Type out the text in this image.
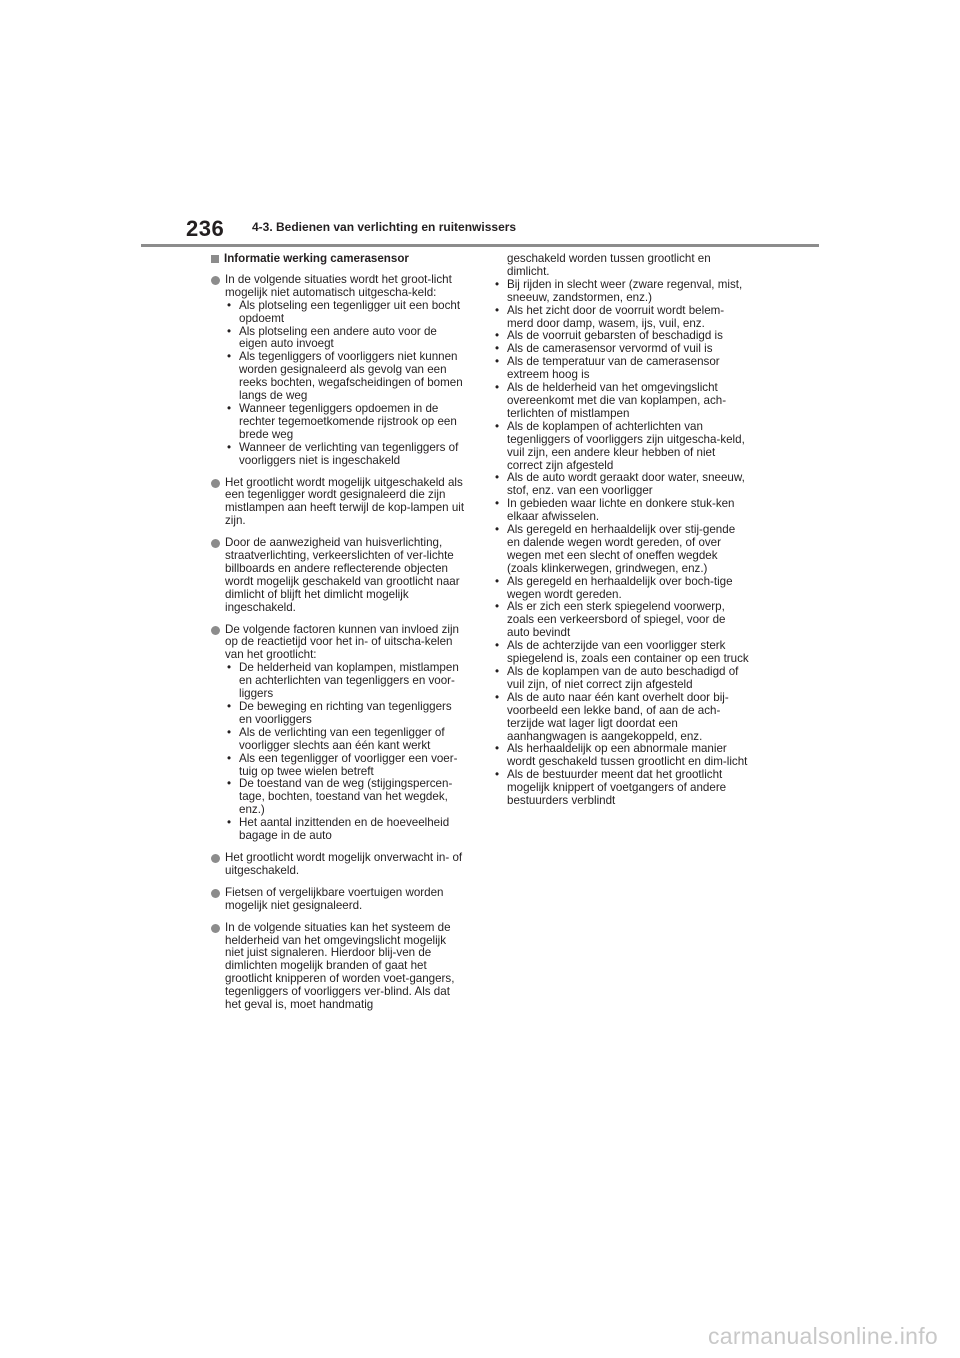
236 4-3. Bedienen van verlichting en ruitenwissers
Informatie werking camerasensor
In de volgende situaties wordt het groot-licht mogelijk niet automatisch uitgescha-keld:
• Als plotseling een tegenligger uit een bocht opdoemt
• Als plotseling een andere auto voor de eigen auto invoegt
• Als tegenliggers of voorliggers niet kunnen worden gesignaleerd als gevolg van een reeks bochten, wegafscheidingen of bomen langs de weg
• Wanneer tegenliggers opdoemen in de rechter tegemoetkomende rijstrook op een brede weg
• Wanneer de verlichting van tegenliggers of voorliggers niet is ingeschakeld
Het grootlicht wordt mogelijk uitgeschakeld als een tegenligger wordt gesignaleerd die zijn mistlampen aan heeft terwijl de kop-lampen uit zijn.
Door de aanwezigheid van huisverlichting, straatverlichting, verkeerslichten of ver-lichte billboards en andere reflecterende objecten wordt mogelijk geschakeld van grootlicht naar dimlicht of blijft het dimlicht mogelijk ingeschakeld.
De volgende factoren kunnen van invloed zijn op de reactietijd voor het in- of uitscha-kelen van het grootlicht:
• De helderheid van koplampen, mistlampen en achterlichten van tegenliggers en voor-liggers
• De beweging en richting van tegenliggers en voorliggers
• Als de verlichting van een tegenligger of voorligger slechts aan één kant werkt
• Als een tegenligger of voorligger een voer-tuig op twee wielen betreft
• De toestand van de weg (stijgingspercen-tage, bochten, toestand van het wegdek, enz.)
• Het aantal inzittenden en de hoeveelheid bagage in de auto
Het grootlicht wordt mogelijk onverwacht in- of uitgeschakeld.
Fietsen of vergelijkbare voertuigen worden mogelijk niet gesignaleerd.
In de volgende situaties kan het systeem de helderheid van het omgevingslicht mogelijk niet juist signaleren. Hierdoor blij-ven de dimlichten mogelijk branden of gaat het grootlicht knipperen of worden voet-gangers, tegenliggers of voorliggers ver-blind. Als dat het geval is, moet handmatig
geschakeld worden tussen grootlicht en dimlicht.
• Bij rijden in slecht weer (zware regenval, mist, sneeuw, zandstormen, enz.)
• Als het zicht door de voorruit wordt belem-merd door damp, wasem, ijs, vuil, enz.
• Als de voorruit gebarsten of beschadigd is
• Als de camerasensor vervormd of vuil is
• Als de temperatuur van de camerasensor extreem hoog is
• Als de helderheid van het omgevingslicht overeenkomt met die van koplampen, ach-terlichten of mistlampen
• Als de koplampen of achterlichten van tegenliggers of voorliggers zijn uitgescha-keld, vuil zijn, een andere kleur hebben of niet correct zijn afgesteld
• Als de auto wordt geraakt door water, sneeuw, stof, enz. van een voorligger
• In gebieden waar lichte en donkere stuk-ken elkaar afwisselen.
• Als geregeld en herhaaldelijk over stij-gende en dalende wegen wordt gereden, of over wegen met een slecht of oneffen wegdek (zoals klinkerwegen, grindwegen, enz.)
• Als geregeld en herhaaldelijk over boch-tige wegen wordt gereden.
• Als er zich een sterk spiegelend voorwerp, zoals een verkeersbord of spiegel, voor de auto bevindt
• Als de achterzijde van een voorligger sterk spiegelend is, zoals een container op een truck
• Als de koplampen van de auto beschadigd of vuil zijn, of niet correct zijn afgesteld
• Als de auto naar één kant overhelt door bij-voorbeeld een lekke band, of aan de ach-terzijde wat lager ligt doordat een aanhangwagen is aangekoppeld, enz.
• Als herhaaldelijk op een abnormale manier wordt geschakeld tussen grootlicht en dim-licht
• Als de bestuurder meent dat het grootlicht mogelijk knippert of voetgangers of andere bestuurders verblindt
carmanualsonline.info
